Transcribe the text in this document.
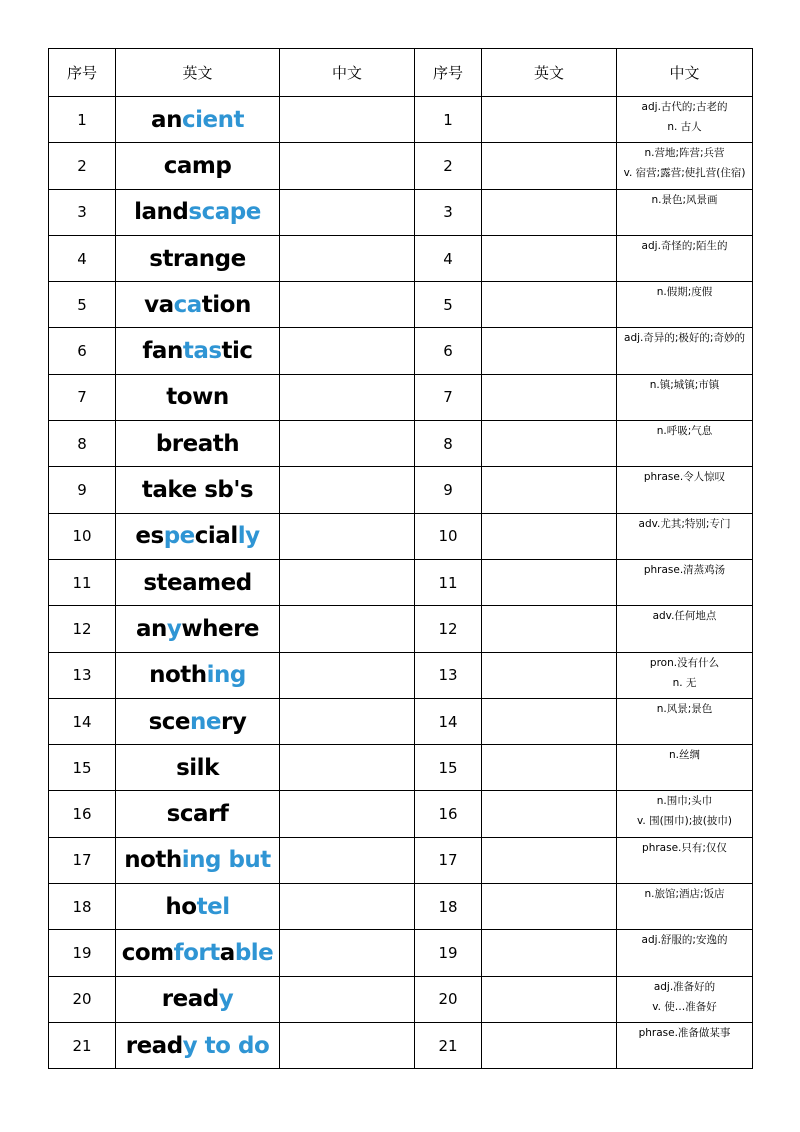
序号	英文	中文	序号	英文	中文
1	ancient		1		adj.古代的;古老的
n. 古人

2	camp		2		n.营地;阵营;兵营
v. 宿营;露营;使扎营(住宿)

3	landscape		3		n.景色;风景画

4	strange		4		adj.奇怪的;陌生的

5	vacation		5		n.假期;度假

6	fantastic		6		adj.奇异的;极好的;奇妙的

7	town		7		n.镇;城镇;市镇

8	breath		8		n.呼吸;气息

9	take sb's		9		phrase.令人惊叹

10	especially		10		adv.尤其;特别;专门

11	steamed		11		phrase.清蒸鸡汤

12	anywhere		12		adv.任何地点

13	nothing		13		pron.没有什么
n. 无

14	scenery		14		n.风景;景色

15	silk		15		n.丝绸

16	scarf		16		n.围巾;头巾
v. 围(围巾);披(披巾)

17	nothing but		17		phrase.只有;仅仅

18	hotel		18		n.旅馆;酒店;饭店

19	comfortable		19		adj.舒服的;安逸的

20	ready		20		adj.准备好的
v. 使…准备好

21	ready to do		21		phrase.准备做某事
